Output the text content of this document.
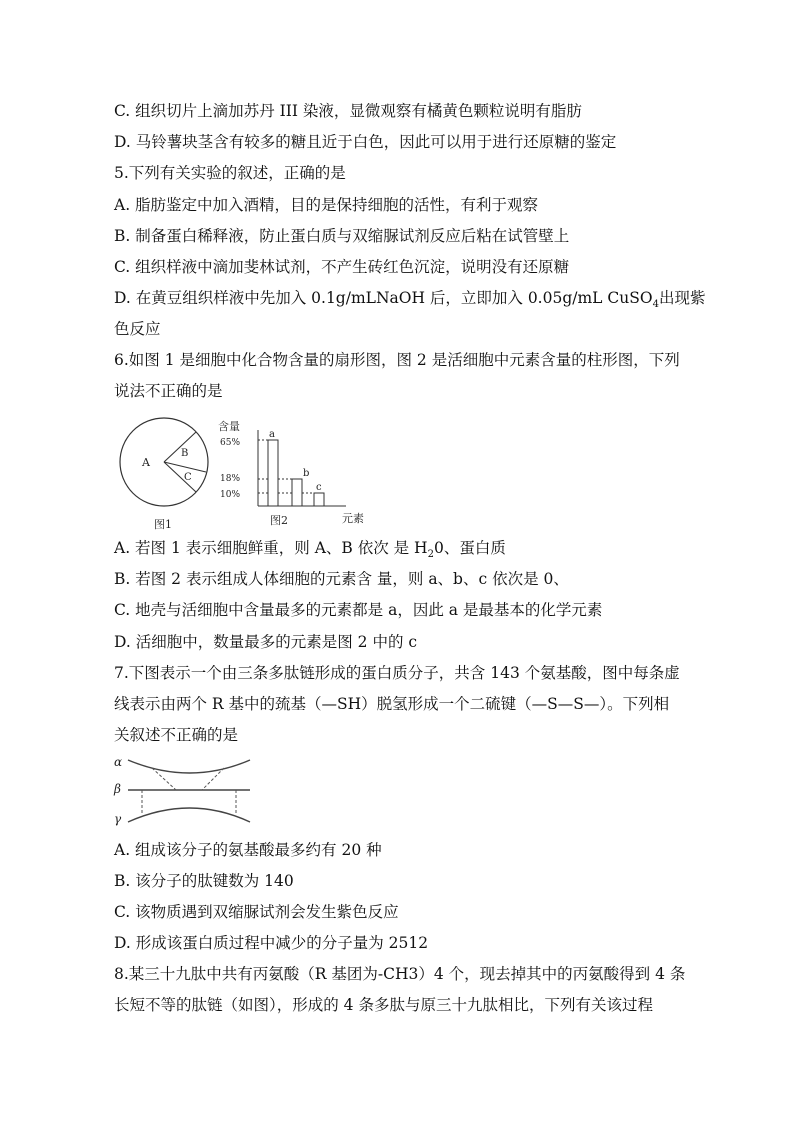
C. 组织切片上滴加苏丹 III 染液，显微观察有橘黄色颗粒说明有脂肪
D. 马铃薯块茎含有较多的糖且近于白色，因此可以用于进行还原糖的鉴定
5.下列有关实验的叙述，正确的是
A. 脂肪鉴定中加入酒精，目的是保持细胞的活性，有利于观察
B. 制备蛋白稀释液，防止蛋白质与双缩脲试剂反应后粘在试管壁上
C. 组织样液中滴加斐林试剂，不产生砖红色沉淀，说明没有还原糖
D. 在黄豆组织样液中先加入 0.1g/mLNaOH 后，立即加入 0.05g/mL CuSO$_4$出现紫
色反应
6.如图 1 是细胞中化合物含量的扇形图，图 2 是活细胞中元素含量的柱形图，下列
说法不正确的是
A
B
C
图1
含量
65%
18%
10%
a
b
c
图2	元素
A. 若图 1 表示细胞鲜重，则 A、B 依次 是 $H_20$、蛋白质
B. 若图 2 表示组成人体细胞的元素含 量，则 a、b、c 依次是 0、
C. 地壳与活细胞中含量最多的元素都是 a，因此 a 是最基本的化学元素
D. 活细胞中，数量最多的元素是图 2 中的 c
7.下图表示一个由三条多肽链形成的蛋白质分子，共含 143 个氨基酸，图中每条虚
线表示由两个 R 基中的巯基（—SH）脱氢形成一个二硫键（—S—S—）。下列相
关叙述不正确的是
α
β
γ
A. 组成该分子的氨基酸最多约有 20 种
B. 该分子的肽键数为 140
C. 该物质遇到双缩脲试剂会发生紫色反应
D. 形成该蛋白质过程中减少的分子量为 2512
8.某三十九肽中共有丙氨酸（R 基团为-CH3）4 个，现去掉其中的丙氨酸得到 4 条
长短不等的肽链（如图），形成的 4 条多肽与原三十九肽相比，下列有关该过程
